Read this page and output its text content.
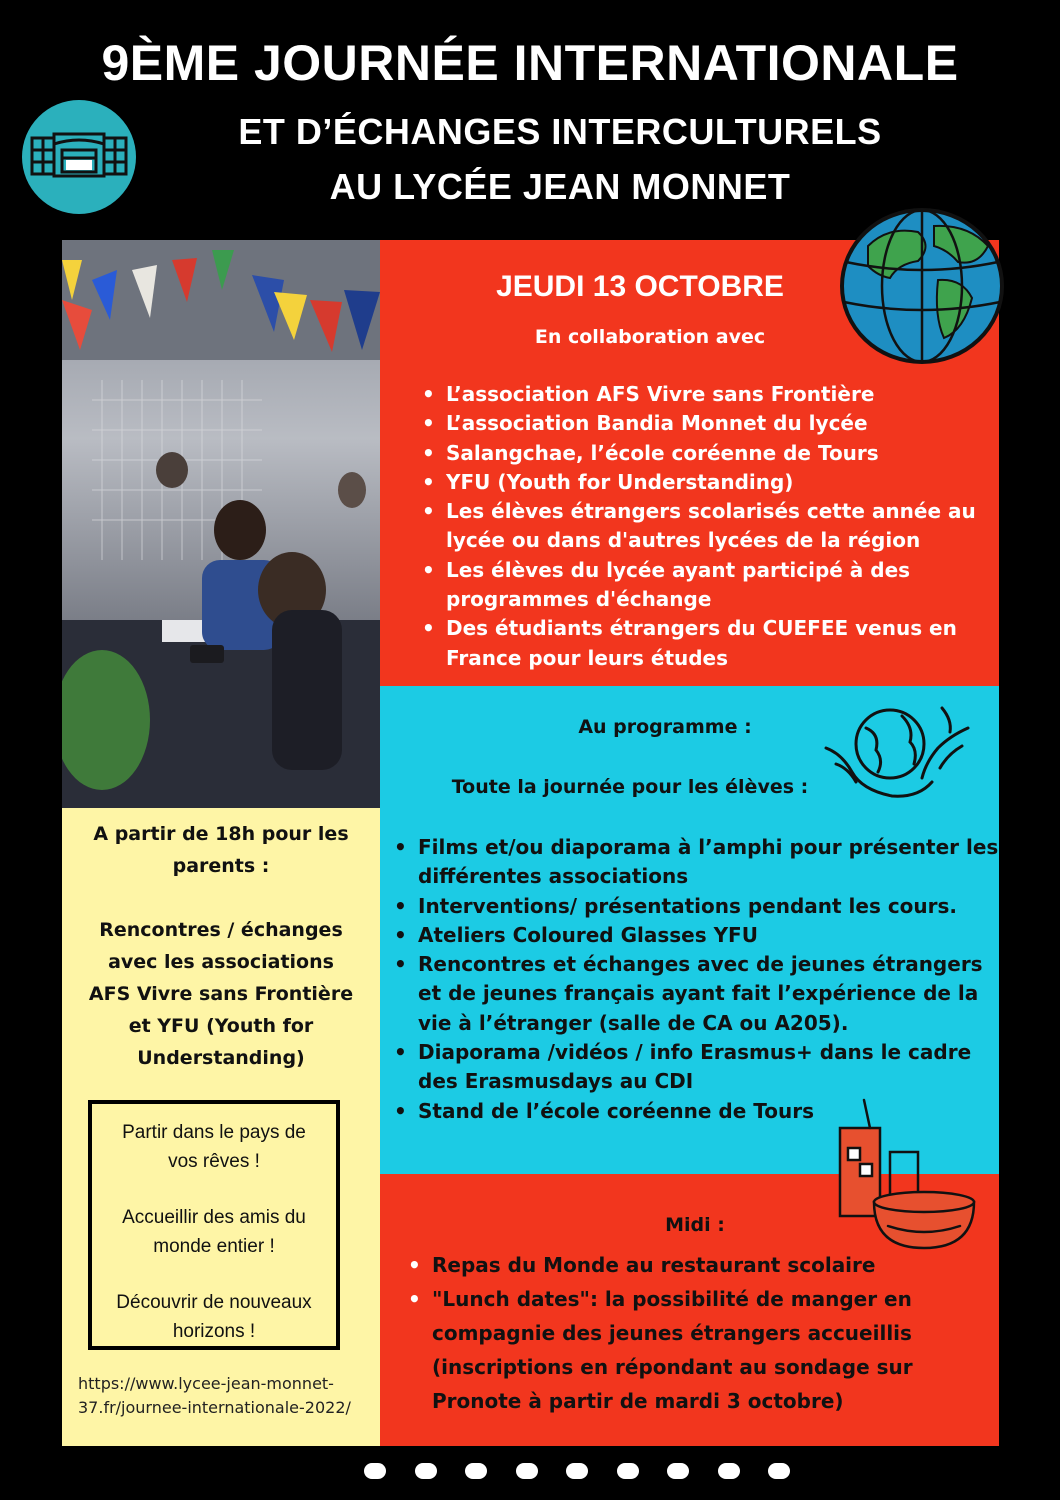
9ÈME JOURNÉE INTERNATIONALE
ET D’ÉCHANGES INTERCULTURELS
AU LYCÉE JEAN MONNET
JEUDI 13 OCTOBRE
En collaboration avec
• L’association AFS Vivre sans Frontière
• L’association Bandia Monnet du lycée
• Salangchae, l’école coréenne de Tours
• YFU (Youth for Understanding)
• Les élèves étrangers scolarisés cette année au
lycée ou dans d'autres lycées de la région
• Les élèves du lycée ayant participé à des
programmes d'échange
• Des étudiants étrangers du CUEFEE venus en
France pour leurs études
Au programme :
Toute la journée pour les élèves :
• Films et/ou diaporama à l’amphi pour présenter les
différentes associations
• Interventions/ présentations pendant les cours.
• Ateliers Coloured Glasses YFU
• Rencontres et échanges avec de jeunes étrangers
et de jeunes français ayant fait l’expérience de la
vie à l’étranger (salle de CA ou A205).
• Diaporama /vidéos / info Erasmus+ dans le cadre
des Erasmusdays au CDI
• Stand de l’école coréenne de Tours
Midi :
• Repas du Monde au restaurant scolaire
• "Lunch dates": la possibilité de manger en
compagnie des jeunes étrangers accueillis
(inscriptions en répondant au sondage sur
Pronote à partir de mardi 3 octobre)
A partir de 18h pour les
parents :
Rencontres / échanges
avec les associations
AFS Vivre sans Frontière
et YFU (Youth for
Understanding)

Partir dans le pays de
vos rêves !

Accueillir des amis du
monde entier !

Découvrir de nouveaux
horizons !

https://www.lycee-jean-monnet-
37.fr/journee-internationale-2022/
